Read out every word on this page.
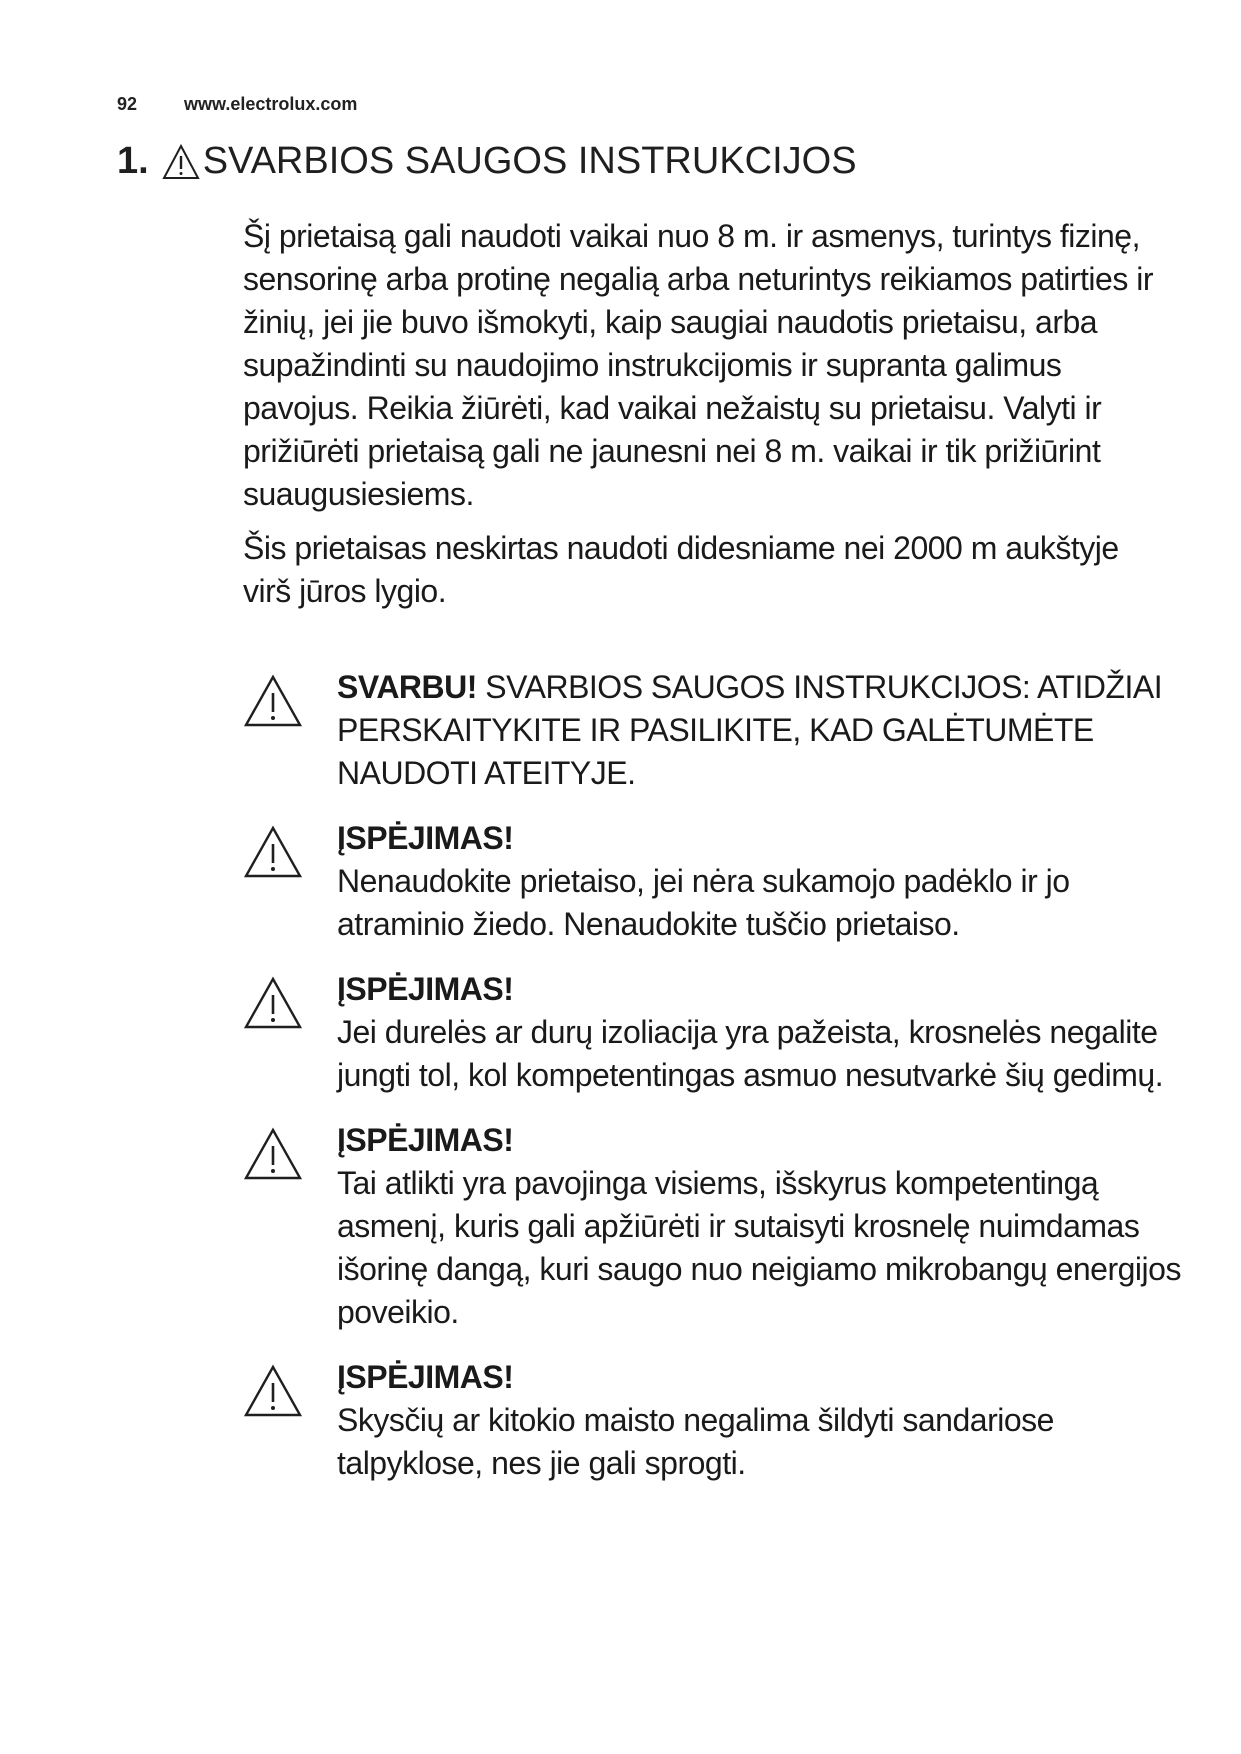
92	www.electrolux.com
1. SVARBIOS SAUGOS INSTRUKCIJOS

Šį prietaisą gali naudoti vaikai nuo 8 m. ir asmenys, turintys fizinę, sensorinę arba protinę negalią arba neturintys reikiamos patirties ir žinių, jei jie buvo išmokyti, kaip saugiai naudotis prietaisu, arba supažindinti su naudojimo instrukcijomis ir supranta galimus pavojus. Reikia žiūrėti, kad vaikai nežaistų su prietaisu. Valyti ir prižiūrėti prietaisą gali ne jaunesni nei 8 m. vaikai ir tik prižiūrint suaugusiesiems.

Šis prietaisas neskirtas naudoti didesniame nei 2000 m aukštyje virš jūros lygio.

SVARBU! SVARBIOS SAUGOS INSTRUKCIJOS: ATIDŽIAI PERSKAITYKITE IR PASILIKITE, KAD GALĖTUMĖTE NAUDOTI ATEITYJE.
ĮSPĖJIMAS!
Nenaudokite prietaiso, jei nėra sukamojo padėklo ir jo atraminio žiedo. Nenaudokite tuščio prietaiso.
ĮSPĖJIMAS!
Jei durelės ar durų izoliacija yra pažeista, krosnelės negalite jungti tol, kol kompetentingas asmuo nesutvarkė šių gedimų.
ĮSPĖJIMAS!
Tai atlikti yra pavojinga visiems, išskyrus kompetentingą asmenį, kuris gali apžiūrėti ir sutaisyti krosnelę nuimdamas išorinę dangą, kuri saugo nuo neigiamo mikrobangų energijos poveikio.
ĮSPĖJIMAS!
Skysčių ar kitokio maisto negalima šildyti sandariose talpyklose, nes jie gali sprogti.
